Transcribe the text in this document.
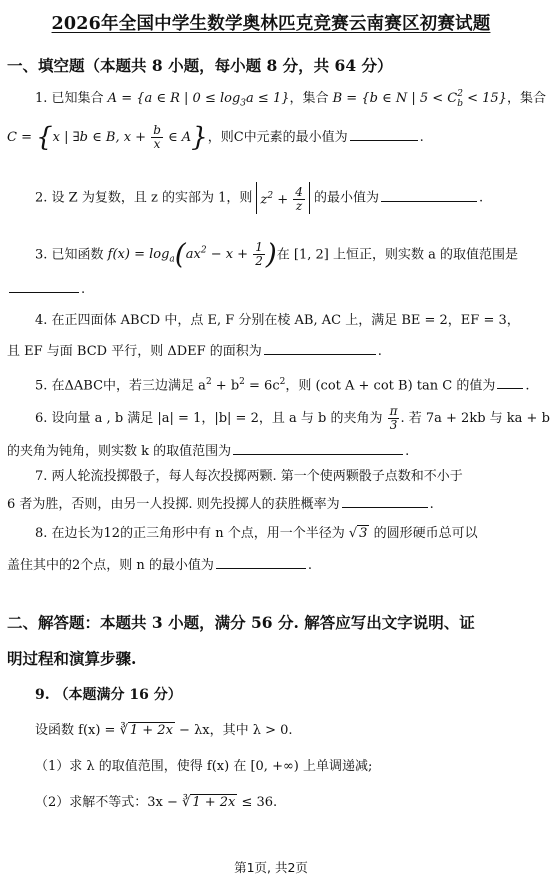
2026年全国中学生数学奥林匹克竞赛云南赛区初赛试题
一、填空题（本题共 8 小题，每小题 8 分，共 64 分）
1. 已知集合 A = {a ∈ R | $0 \le \log_3a \le 1$}，集合 B = {b ∈ N | 5 < C 2
b < 15}，集合
C = {x | ∃b ∈ B, $x + \frac{b}{x}$ ∈ A}，则C中元素的最小值为	.
2. 设 Z 为复数，且 z 的实部为 1，则 $z^2 + \frac{4}{z}$ 的最小值为	.
3. 已知函数 $f(x) = \log_a(ax^2 - x + \frac{1}{2}$ )在 [1, 2] 上恒正，则实数 a 的取值范围是
.
4. 在正四面体 ABCD 中，点 E, F 分别在棱 AB, AC 上，满足 BE = 2，EF = 3，
且 EF 与面 BCD 平行，则 ΔDEF 的面积为	.
5. 在ΔABC中，若三边满足 $a^2 + b^2 = 6c^2$，则 (cot A + cot B) tan C 的值为 .
6. 设向量 a , b 满足 |a| = 1，|b| = 2，且 a 与 b 的夹角为 $\frac{\pi}{3}$ . 若 7a + 2kb 与 ka + b
的夹角为钝角，则实数 k 的取值范围为	.
7. 两人轮流投掷骰子，每人每次投掷两颗. 第一个使两颗骰子点数和不小于
6 者为胜，否则，由另一人投掷. 则先投掷人的获胜概率为	.
8. 在边长为12的正三角形中有 n 个点，用一个半径为 √ 3 的圆形硬币总可以
盖住其中的2个点，则 n 的最小值为	.
二、解答题：本题共 3 小题，满分 56 分. 解答应写出文字说明、证
明过程和演算步骤.
9. （本题满分 16 分）
设函数 f(x) = ∛ 1 + 2x − λx，其中 λ > 0.
（1）求 λ 的取值范围，使得 f(x) 在 [0, +∞) 上单调递减;
（2）求解不等式：3x − ∛ 1 + 2x ≤ 36.
第1页, 共2页
